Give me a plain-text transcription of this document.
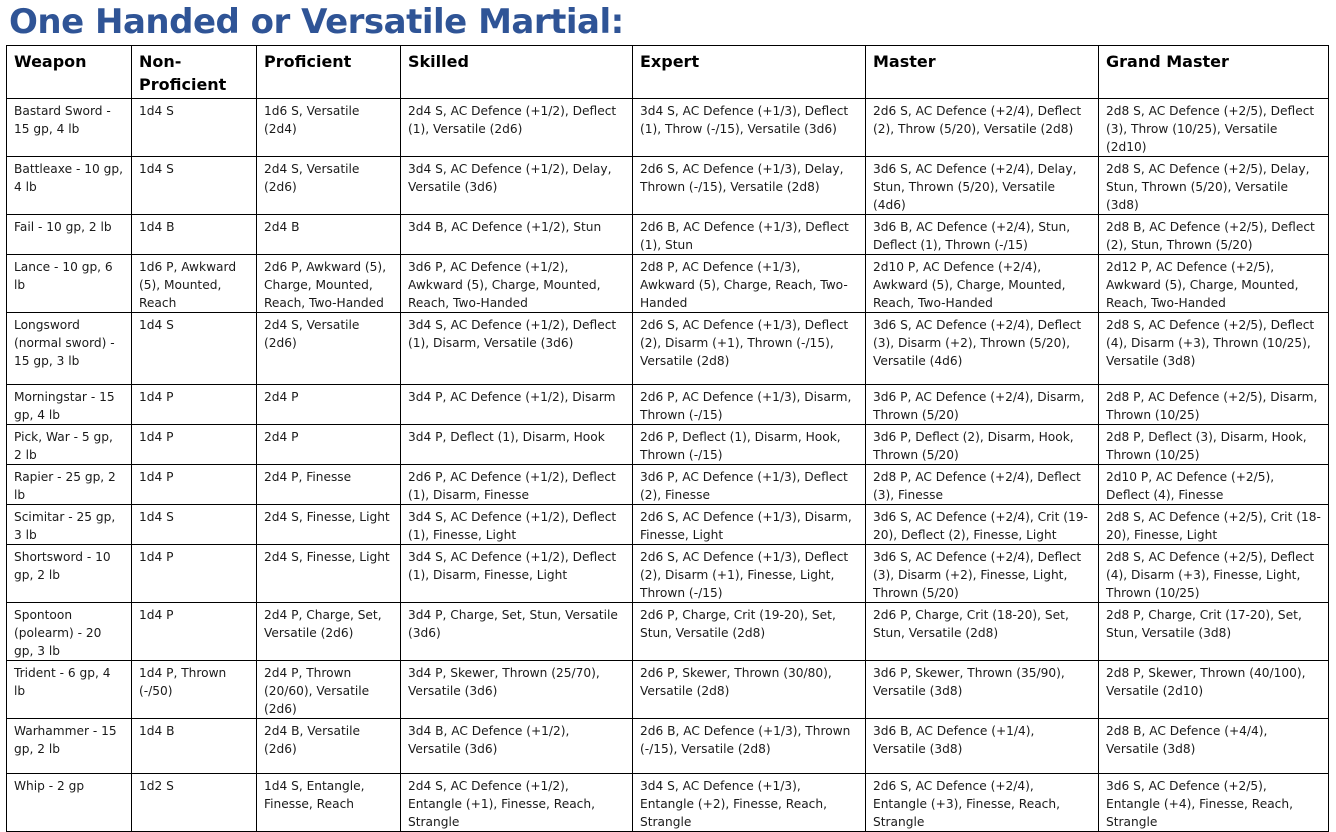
One Handed or Versatile Martial:
Weapon	Non-Proficient	Proficient	Skilled	Expert	Master	Grand Master
Bastard Sword - 15 gp, 4 lb	1d4 S	1d6 S, Versatile (2d4)	2d4 S, AC Defence (+1/2), Deflect (1), Versatile (2d6)	3d4 S, AC Defence (+1/3), Deflect (1), Throw (-/15), Versatile (3d6)	2d6 S, AC Defence (+2/4), Deflect (2), Throw (5/20), Versatile (2d8)	2d8 S, AC Defence (+2/5), Deflect (3), Throw (10/25), Versatile (2d10)
Battleaxe - 10 gp, 4 lb	1d4 S	2d4 S, Versatile (2d6)	3d4 S, AC Defence (+1/2), Delay, Versatile (3d6)	2d6 S, AC Defence (+1/3), Delay, Thrown (-/15), Versatile (2d8)	3d6 S, AC Defence (+2/4), Delay, Stun, Thrown (5/20), Versatile (4d6)	2d8 S, AC Defence (+2/5), Delay, Stun, Thrown (5/20), Versatile (3d8)
Fail - 10 gp, 2 lb	1d4 B	2d4 B	3d4 B, AC Defence (+1/2), Stun	2d6 B, AC Defence (+1/3), Deflect (1), Stun	3d6 B, AC Defence (+2/4), Stun, Deflect (1), Thrown (-/15)	2d8 B, AC Defence (+2/5), Deflect (2), Stun, Thrown (5/20)
Lance - 10 gp, 6 lb	1d6 P, Awkward (5), Mounted, Reach	2d6 P, Awkward (5), Charge, Mounted, Reach, Two-Handed	3d6 P, AC Defence (+1/2), Awkward (5), Charge, Mounted, Reach, Two-Handed	2d8 P, AC Defence (+1/3), Awkward (5), Charge, Reach, Two-Handed	2d10 P, AC Defence (+2/4), Awkward (5), Charge, Mounted, Reach, Two-Handed	2d12 P, AC Defence (+2/5), Awkward (5), Charge, Mounted, Reach, Two-Handed
Longsword (normal sword) - 15 gp, 3 lb	1d4 S	2d4 S, Versatile (2d6)	3d4 S, AC Defence (+1/2), Deflect (1), Disarm, Versatile (3d6)	2d6 S, AC Defence (+1/3), Deflect (2), Disarm (+1), Thrown (-/15), Versatile (2d8)	3d6 S, AC Defence (+2/4), Deflect (3), Disarm (+2), Thrown (5/20), Versatile (4d6)	2d8 S, AC Defence (+2/5), Deflect (4), Disarm (+3), Thrown (10/25), Versatile (3d8)
Morningstar - 15 gp, 4 lb	1d4 P	2d4 P	3d4 P, AC Defence (+1/2), Disarm	2d6 P, AC Defence (+1/3), Disarm, Thrown (-/15)	3d6 P, AC Defence (+2/4), Disarm, Thrown (5/20)	2d8 P, AC Defence (+2/5), Disarm, Thrown (10/25)
Pick, War - 5 gp, 2 lb	1d4 P	2d4 P	3d4 P, Deflect (1), Disarm, Hook	2d6 P, Deflect (1), Disarm, Hook, Thrown (-/15)	3d6 P, Deflect (2), Disarm, Hook, Thrown (5/20)	2d8 P, Deflect (3), Disarm, Hook, Thrown (10/25)
Rapier - 25 gp, 2 lb	1d4 P	2d4 P, Finesse	2d6 P, AC Defence (+1/2), Deflect (1), Disarm, Finesse	3d6 P, AC Defence (+1/3), Deflect (2), Finesse	2d8 P, AC Defence (+2/4), Deflect (3), Finesse	2d10 P, AC Defence (+2/5), Deflect (4), Finesse
Scimitar - 25 gp, 3 lb	1d4 S	2d4 S, Finesse, Light	3d4 S, AC Defence (+1/2), Deflect (1), Finesse, Light	2d6 S, AC Defence (+1/3), Disarm, Finesse, Light	3d6 S, AC Defence (+2/4), Crit (19-20), Deflect (2), Finesse, Light	2d8 S, AC Defence (+2/5), Crit (18-20), Finesse, Light
Shortsword - 10 gp, 2 lb	1d4 P	2d4 S, Finesse, Light	3d4 S, AC Defence (+1/2), Deflect (1), Disarm, Finesse, Light	2d6 S, AC Defence (+1/3), Deflect (2), Disarm (+1), Finesse, Light, Thrown (-/15)	3d6 S, AC Defence (+2/4), Deflect (3), Disarm (+2), Finesse, Light, Thrown (5/20)	2d8 S, AC Defence (+2/5), Deflect (4), Disarm (+3), Finesse, Light, Thrown (10/25)
Spontoon (polearm) - 20 gp, 3 lb	1d4 P	2d4 P, Charge, Set, Versatile (2d6)	3d4 P, Charge, Set, Stun, Versatile (3d6)	2d6 P, Charge, Crit (19-20), Set, Stun, Versatile (2d8)	2d6 P, Charge, Crit (18-20), Set, Stun, Versatile (2d8)	2d8 P, Charge, Crit (17-20), Set, Stun, Versatile (3d8)
Trident - 6 gp, 4 lb	1d4 P, Thrown (-/50)	2d4 P, Thrown (20/60), Versatile (2d6)	3d4 P, Skewer, Thrown (25/70), Versatile (3d6)	2d6 P, Skewer, Thrown (30/80), Versatile (2d8)	3d6 P, Skewer, Thrown (35/90), Versatile (3d8)	2d8 P, Skewer, Thrown (40/100), Versatile (2d10)
Warhammer - 15 gp, 2 lb	1d4 B	2d4 B, Versatile (2d6)	3d4 B, AC Defence (+1/2), Versatile (3d6)	2d6 B, AC Defence (+1/3), Thrown (-/15), Versatile (2d8)	3d6 B, AC Defence (+1/4), Versatile (3d8)	2d8 B, AC Defence (+4/4), Versatile (3d8)
Whip - 2 gp	1d2 S	1d4 S, Entangle, Finesse, Reach	2d4 S, AC Defence (+1/2), Entangle (+1), Finesse, Reach, Strangle	3d4 S, AC Defence (+1/3), Entangle (+2), Finesse, Reach, Strangle	2d6 S, AC Defence (+2/4), Entangle (+3), Finesse, Reach, Strangle	3d6 S, AC Defence (+2/5), Entangle (+4), Finesse, Reach, Strangle
